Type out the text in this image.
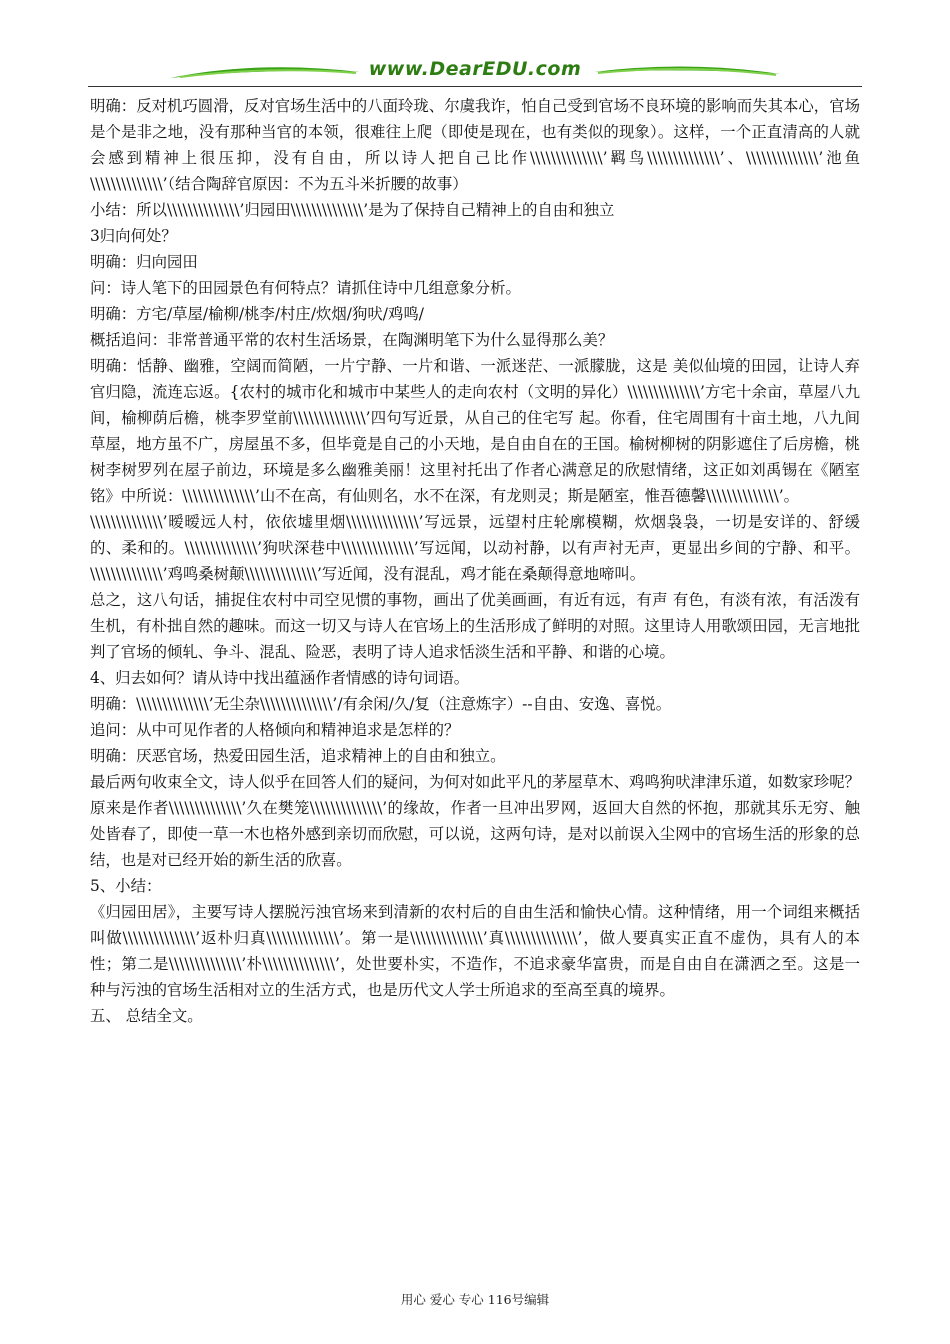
www.DearEDU.com

明确：反对机巧圆滑，反对官场生活中的八面玲珑、尔虞我诈，怕自己受到官场不良环境的影响而失其本心，官场是个是非之地，没有那种当官的本领，很难往上爬（即使是现在，也有类似的现象）。这样，一个正直清高的人就会感到精神上很压抑，没有自由，所以诗人把自己比作\\\\\\\\\\\\\\’羁鸟\\\\\\\\\\\\\\’、\\\\\\\\\\\\\\’池鱼\\\\\\\\\\\\\\’（结合陶辞官原因：不为五斗米折腰的故事）

小结：所以\\\\\\\\\\\\\\’归园田\\\\\\\\\\\\\\’是为了保持自己精神上的自由和独立

3归向何处？

明确：归向园田

问：诗人笔下的田园景色有何特点？请抓住诗中几组意象分析。

明确：方宅/草屋/榆柳/桃李/村庄/炊烟/狗吠/鸡鸣/

概括追问：非常普通平常的农村生活场景，在陶渊明笔下为什么显得那么美？

明确：恬静、幽雅，空阔而简陋，一片宁静、一片和谐、一派迷茫、一派朦胧，这是 美似仙境的田园，让诗人弃官归隐，流连忘返。{农村的城市化和城市中某些人的走向农村（文明的异化）\\\\\\\\\\\\\\’方宅十余亩，草屋八九间，榆柳荫后檐，桃李罗堂前\\\\\\\\\\\\\\’四句写近景，从自己的住宅写 起。你看，住宅周围有十亩土地，八九间草屋，地方虽不广，房屋虽不多，但毕竟是自己的小天地，是自由自在的王国。榆树柳树的阴影遮住了后房檐，桃树李树罗列在屋子前边，环境是多么幽雅美丽！这里衬托出了作者心满意足的欣慰情绪，这正如刘禹锡在《陋室铭》中所说：\\\\\\\\\\\\\\’山不在高，有仙则名，水不在深，有龙则灵；斯是陋室，惟吾德馨\\\\\\\\\\\\\\’。

\\\\\\\\\\\\\\’暧暧远人村，依依墟里烟\\\\\\\\\\\\\\’写远景，远望村庄轮廓模糊，炊烟袅袅，一切是安详的、舒缓的、柔和的。\\\\\\\\\\\\\\’狗吠深巷中\\\\\\\\\\\\\\’写远闻，以动衬静，以有声衬无声，更显出乡间的宁静、和平。\\\\\\\\\\\\\\’鸡鸣桑树颠\\\\\\\\\\\\\\’写近闻，没有混乱，鸡才能在桑颠得意地啼叫。

总之，这八句话，捕捉住农村中司空见惯的事物，画出了优美画画，有近有远，有声 有色，有淡有浓，有活泼有生机，有朴拙自然的趣味。而这一切又与诗人在官场上的生活形成了鲜明的对照。这里诗人用歌颂田园，无言地批判了官场的倾轧、争斗、混乱、险恶，表明了诗人追求恬淡生活和平静、和谐的心境。

4、归去如何？请从诗中找出蕴涵作者情感的诗句词语。

明确：\\\\\\\\\\\\\\’无尘杂\\\\\\\\\\\\\\’/有余闲/久/复（注意炼字）--自由、安逸、喜悦。

追问：从中可见作者的人格倾向和精神追求是怎样的？

明确：厌恶官场，热爱田园生活，追求精神上的自由和独立。

最后两句收束全文，诗人似乎在回答人们的疑问，为何对如此平凡的茅屋草木、鸡鸣狗吠津津乐道，如数家珍呢？原来是作者\\\\\\\\\\\\\\’久在樊笼\\\\\\\\\\\\\\’的缘故，作者一旦冲出罗网，返回大自然的怀抱，那就其乐无穷、触处皆春了，即使一草一木也格外感到亲切而欣慰，可以说，这两句诗，是对以前误入尘网中的官场生活的形象的总结，也是对已经开始的新生活的欣喜。

5、小结：

《归园田居》，主要写诗人摆脱污浊官场来到清新的农村后的自由生活和愉快心情。这种情绪，用一个词组来概括叫做\\\\\\\\\\\\\\’返朴归真\\\\\\\\\\\\\\’。第一是\\\\\\\\\\\\\\’真\\\\\\\\\\\\\\’，做人要真实正直不虚伪，具有人的本性；第二是\\\\\\\\\\\\\\’朴\\\\\\\\\\\\\\’，处世要朴实，不造作，不追求豪华富贵，而是自由自在潇洒之至。这是一种与污浊的官场生活相对立的生活方式，也是历代文人学士所追求的至高至真的境界。

五、 总结全文。

用心 爱心 专心 116号编辑
